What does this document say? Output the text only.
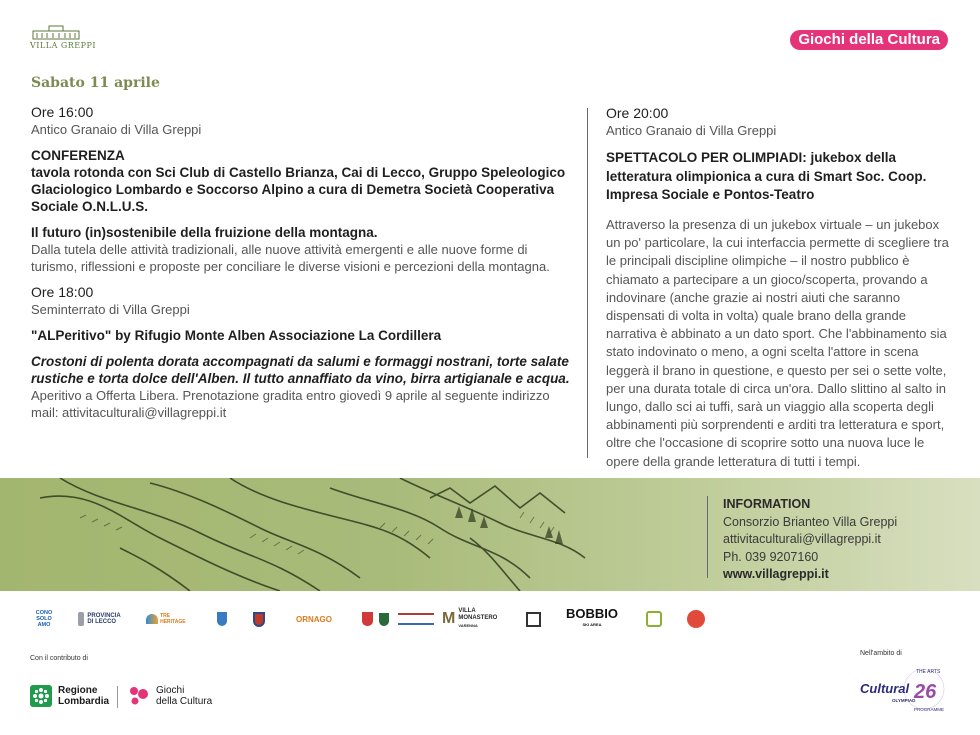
VILLA GREPPI	Giochi della Cultura
Sabato 11 aprile
Ore 16:00
Antico Granaio di Villa Greppi
CONFERENZA
tavola rotonda con Sci Club di Castello Brianza, Cai di Lecco, Gruppo Speleologico Glaciologico Lombardo e Soccorso Alpino a cura di Demetra Società Cooperativa Sociale O.N.L.U.S.
Il futuro (in)sostenibile della fruizione della montagna.
Dalla tutela delle attività tradizionali, alle nuove attività emergenti e alle nuove forme di turismo, riflessioni e proposte per conciliare le diverse visioni e percezioni della montagna.
Ore 18:00
Seminterrato di Villa Greppi
"ALPeritivo" by Rifugio Monte Alben Associazione La Cordillera
Crostoni di polenta dorata accompagnati da salumi e formaggi nostrani, torte salate rustiche e torta dolce dell'Alben. Il tutto annaffiato da vino, birra artigianale e acqua.
Aperitivo a Offerta Libera. Prenotazione gradita entro giovedì 9 aprile al seguente indirizzo mail: attivitaculturali@villagreppi.it
Ore 20:00
Antico Granaio di Villa Greppi
SPETTACOLO PER OLIMPIADI: jukebox della letteratura olimpionica a cura di Smart Soc. Coop. Impresa Sociale e Pontos-Teatro
Attraverso la presenza di un jukebox virtuale – un jukebox un po' particolare, la cui interfaccia permette di scegliere tra le principali discipline olimpiche – il nostro pubblico è chiamato a partecipare a un gioco/scoperta, provando a indovinare (anche grazie ai nostri aiuti che saranno dispensati di volta in volta) quale brano della grande narrativa è abbinato a un dato sport. Che l'abbinamento sia stato indovinato o meno, a ogni scelta l'attore in scena leggerà il brano in questione, e questo per sei o sette volte, per una durata totale di circa un'ora. Dallo slittino al salto in lungo, dallo sci ai tuffi, sarà un viaggio alla scoperta degli abbinamenti più sorprendenti e arditi tra letteratura e sport, oltre che l'occasione di scoprire sotto una nuova luce le opere della grande letteratura di tutti i tempi.
INFORMATION
Consorzio Brianteo Villa Greppi
attivitaculturali@villagreppi.it
Ph. 039 9207160
www.villagreppi.it
CONO SOLO AMO
PROVINCIA DI LECCO
TRE HERITAGE	ORNAGO	M VILLA MONASTERO
VARENNA
BOBBIO
SKI AREA
Con il contributo di
Nell'ambito di
Regione
Lombardia
Giochi
della Cultura
THE ARTS
Cultural 26
OLYMPIAD
PROGRAMME
